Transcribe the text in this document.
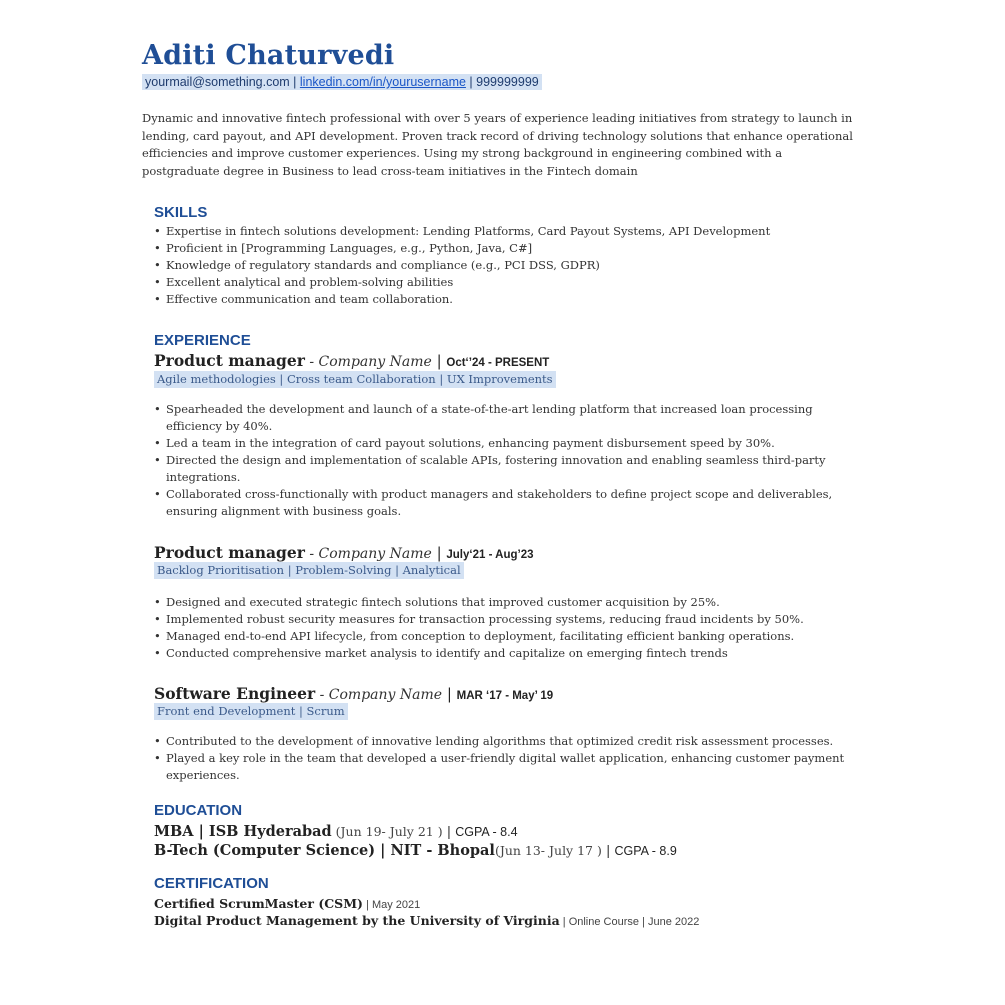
Aditi Chaturvedi
yourmail@something.com | linkedin.com/in/yourusername | 999999999

Dynamic and innovative fintech professional with over 5 years of experience leading initiatives from strategy to launch in lending, card payout, and API development. Proven track record of driving technology solutions that enhance operational efficiencies and improve customer experiences. Using my strong background in engineering combined with a postgraduate degree in Business to lead cross-team initiatives in the Fintech domain

SKILLS
• Expertise in fintech solutions development: Lending Platforms, Card Payout Systems, API Development
• Proficient in [Programming Languages, e.g., Python, Java, C#]
• Knowledge of regulatory standards and compliance (e.g., PCI DSS, GDPR)
• Excellent analytical and problem-solving abilities
• Effective communication and team collaboration.
EXPERIENCE
Product manager - Company Name | Oct‘’24 - PRESENT
Agile methodologies | Cross team Collaboration | UX Improvements
• Spearheaded the development and launch of a state-of-the-art lending platform that increased loan processing efficiency by 40%.
• Led a team in the integration of card payout solutions, enhancing payment disbursement speed by 30%.
• Directed the design and implementation of scalable APIs, fostering innovation and enabling seamless third-party integrations.
• Collaborated cross-functionally with product managers and stakeholders to define project scope and deliverables, ensuring alignment with business goals.
Product manager - Company Name | July‘21 - Aug’23
Backlog Prioritisation | Problem-Solving | Analytical
• Designed and executed strategic fintech solutions that improved customer acquisition by 25%.
• Implemented robust security measures for transaction processing systems, reducing fraud incidents by 50%.
• Managed end-to-end API lifecycle, from conception to deployment, facilitating efficient banking operations.
• Conducted comprehensive market analysis to identify and capitalize on emerging fintech trends
Software Engineer - Company Name | MAR ‘17 - May’ 19
Front end Development | Scrum
• Contributed to the development of innovative lending algorithms that optimized credit risk assessment processes.
• Played a key role in the team that developed a user-friendly digital wallet application, enhancing customer payment experiences.
EDUCATION
MBA | ISB Hyderabad (Jun 19- July 21 ) | CGPA - 8.4
B-Tech (Computer Science) | NIT - Bhopal(Jun 13- July 17 ) | CGPA - 8.9
CERTIFICATION
Certified ScrumMaster (CSM) | May 2021
Digital Product Management by the University of Virginia | Online Course | June 2022
